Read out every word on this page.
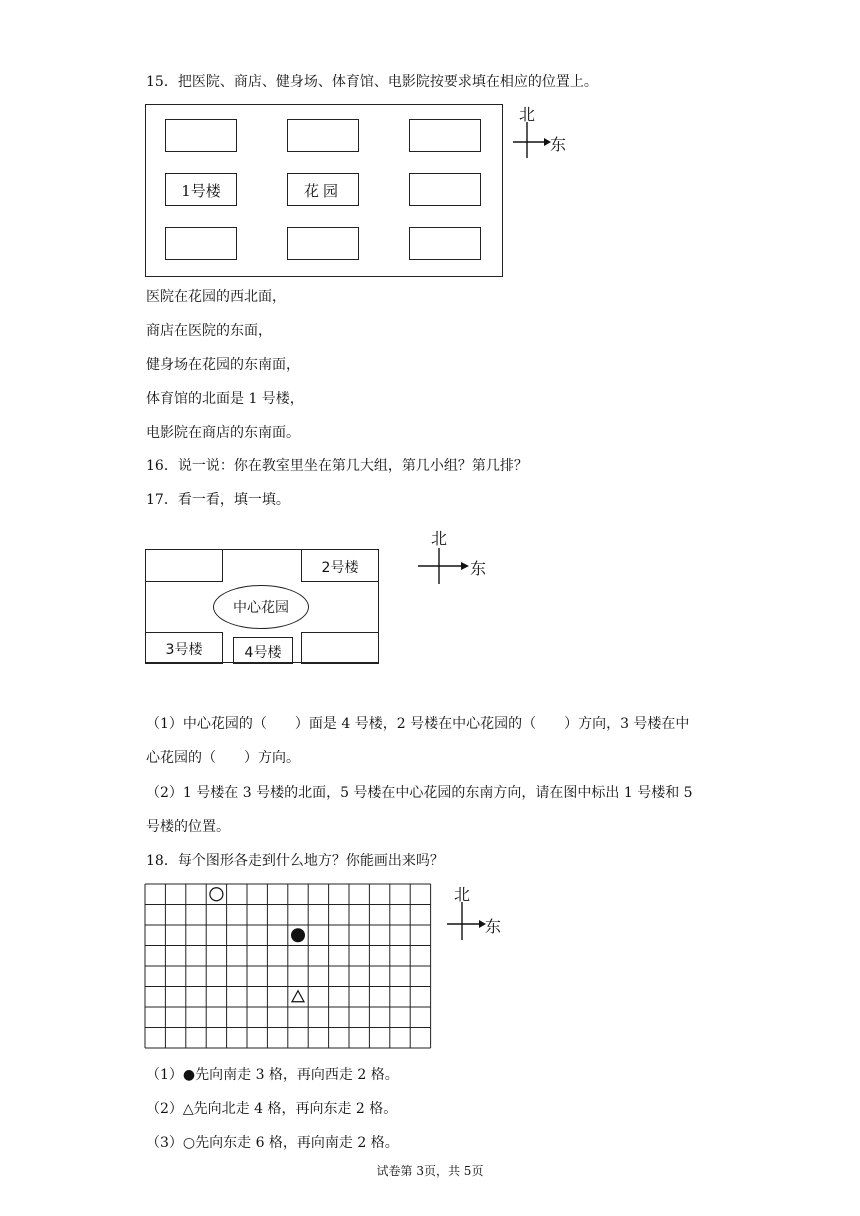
15．把医院、商店、健身场、体育馆、电影院按要求填在相应的位置上。
1号楼	花园
北
东
医院在花园的西北面，
商店在医院的东面，
健身场在花园的东南面，
体育馆的北面是 1 号楼，
电影院在商店的东南面。
16．说一说：你在教室里坐在第几大组，第几小组？第几排？
17．看一看，填一填。
2号楼
中心花园
3号楼	4号楼
北
东
（1）中心花园的（　　）面是 4 号楼，2 号楼在中心花园的（　　）方向，3 号楼在中
心花园的（　　）方向。
（2）1 号楼在 3 号楼的北面，5 号楼在中心花园的东南方向，请在图中标出 1 号楼和 5
号楼的位置。
18．每个图形各走到什么地方？你能画出来吗？
北
东
（1）●先向南走 3 格，再向西走 2 格。
（2）△先向北走 4 格，再向东走 2 格。
（3）○先向东走 6 格，再向南走 2 格。
试卷第 3页，共 5页
